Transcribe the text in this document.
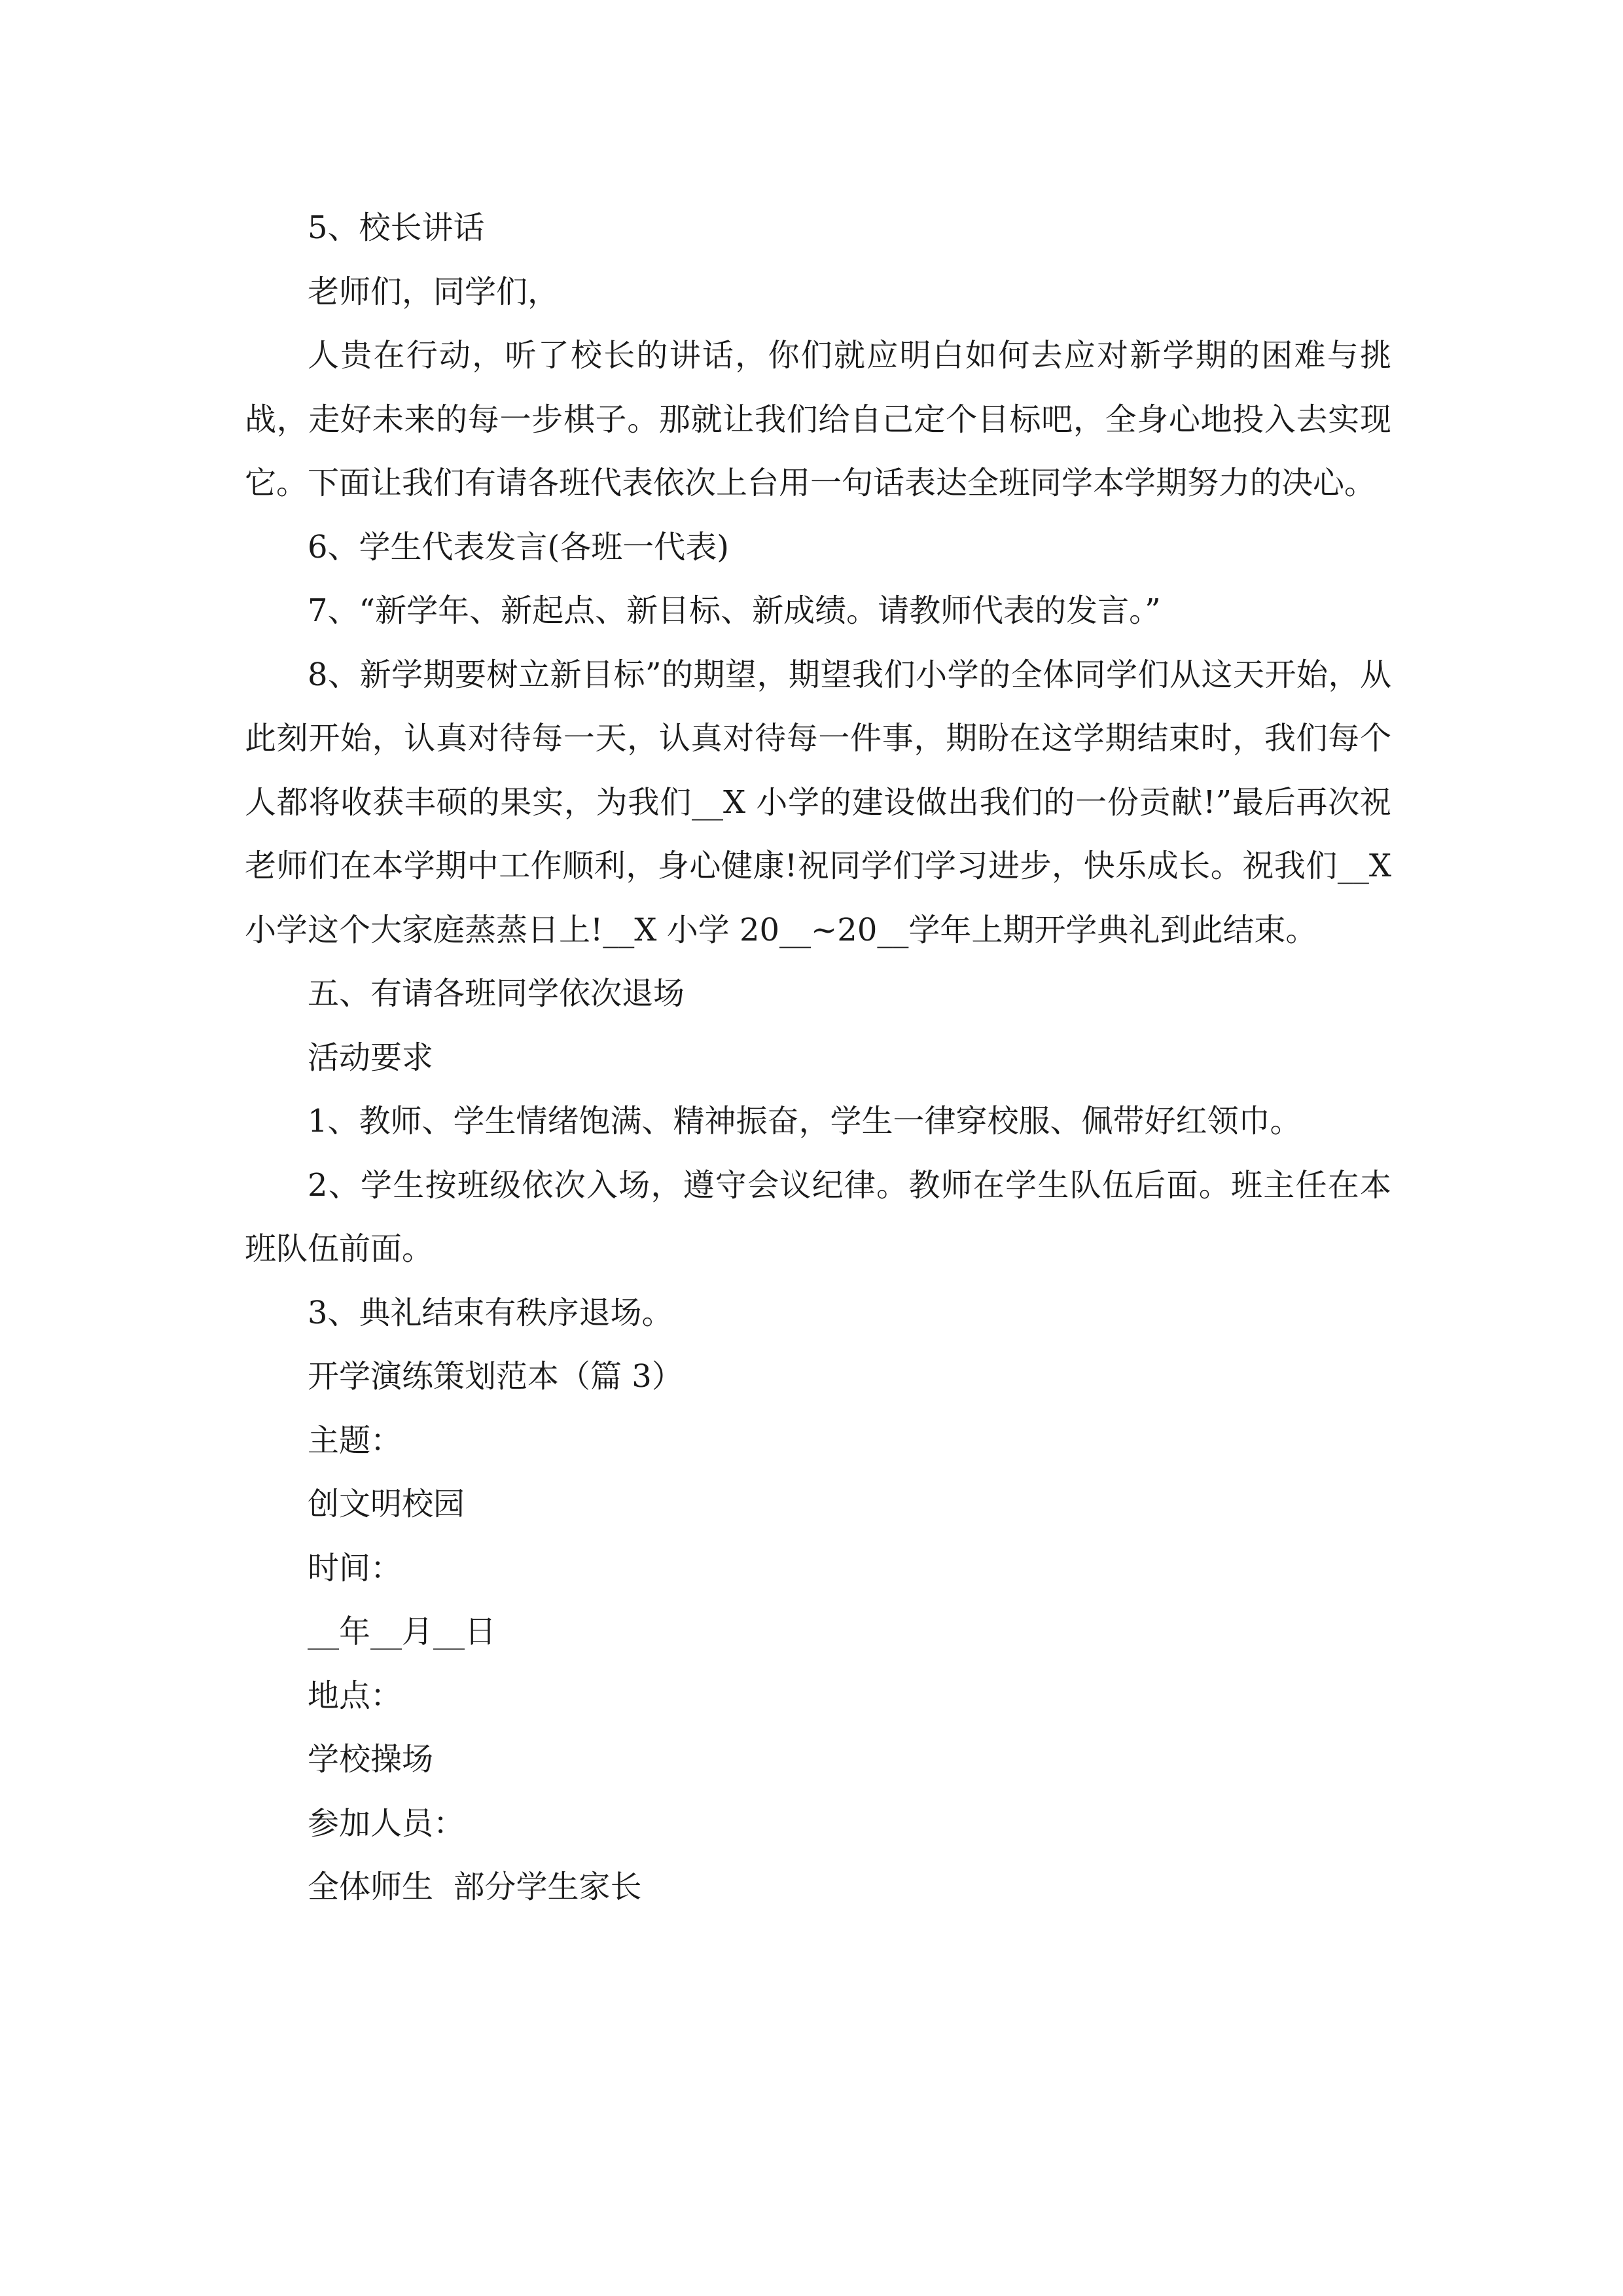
5、校长讲话

老师们，同学们，

人贵在行动，听了校长的讲话，你们就应明白如何去应对新学期的困难与挑战，走好未来的每一步棋子。那就让我们给自己定个目标吧，全身心地投入去实现它。下面让我们有请各班代表依次上台用一句话表达全班同学本学期努力的决心。

6、学生代表发言(各班一代表)

7、“新学年、新起点、新目标、新成绩。请教师代表的发言。”

8、新学期要树立新目标”的期望，期望我们小学的全体同学们从这天开始，从此刻开始，认真对待每一天，认真对待每一件事，期盼在这学期结束时，我们每个人都将收获丰硕的果实，为我们__X 小学的建设做出我们的一份贡献!”最后再次祝老师们在本学期中工作顺利，身心健康!祝同学们学习进步，快乐成长。祝我们__X 小学这个大家庭蒸蒸日上!__X 小学 20__~20__学年上期开学典礼到此结束。

五、有请各班同学依次退场

活动要求

1、教师、学生情绪饱满、精神振奋，学生一律穿校服、佩带好红领巾。

2、学生按班级依次入场，遵守会议纪律。教师在学生队伍后面。班主任在本班队伍前面。

3、典礼结束有秩序退场。

开学演练策划范本（篇 3）

主题：

创文明校园

时间：

__年__月__日

地点：

学校操场

参加人员：

全体师生  部分学生家长
